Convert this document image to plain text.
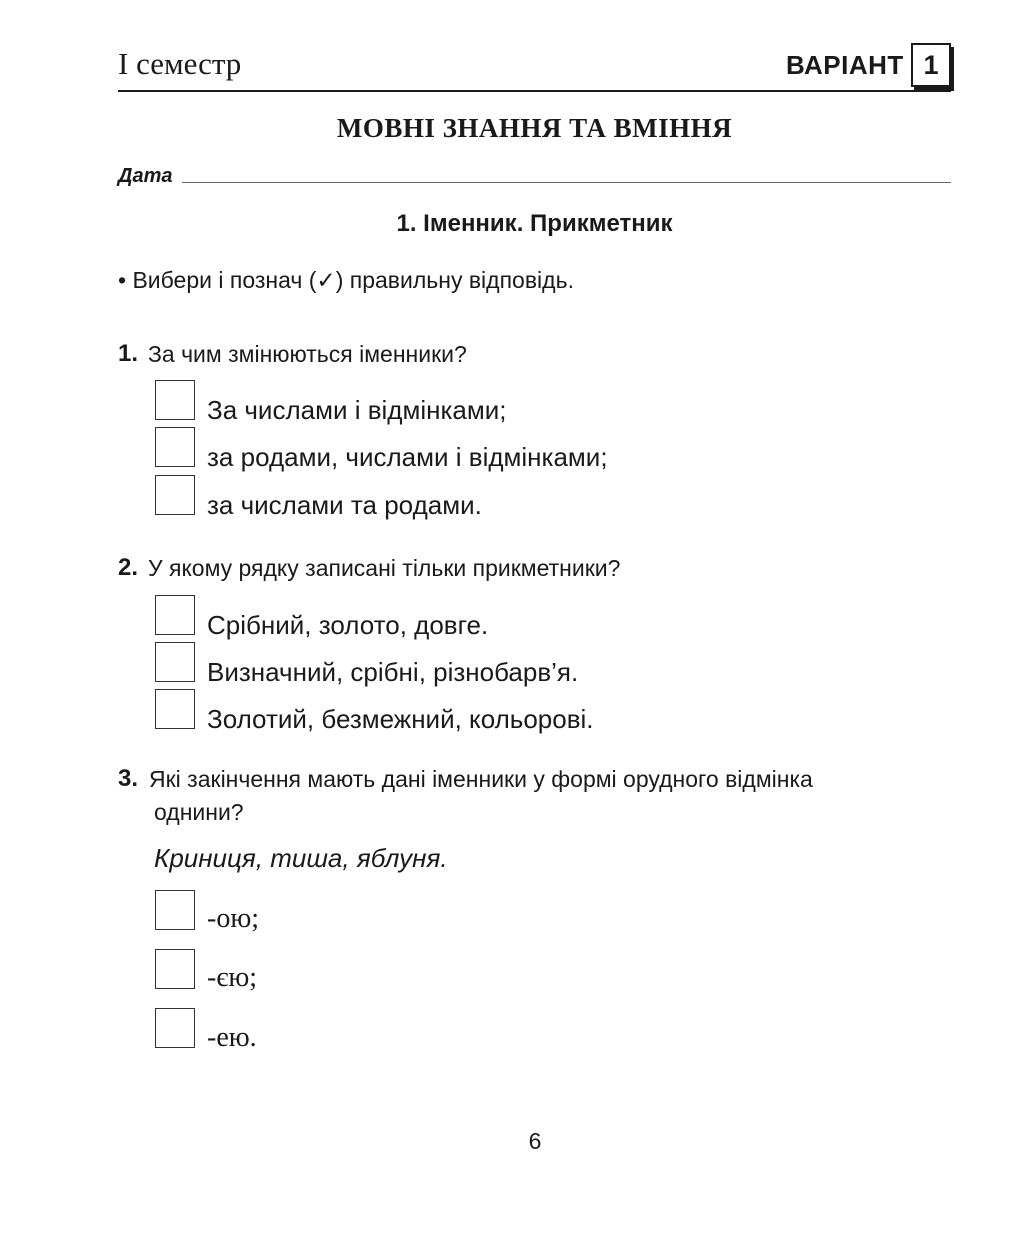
І семестр	ВАРІАНТ 1
МОВНІ ЗНАННЯ ТА ВМІННЯ
Дата
1. Іменник. Прикметник
• Вибери і познач (✓) правильну відповідь.
1. За чим змінюються іменники?
За числами і відмінками;
за родами, числами і відмінками;
за числами та родами.
2. У якому рядку записані тільки прикметники?
Срібний, золото, довге.
Визначний, срібні, різнобарв’я.
Золотий, безмежний, кольорові.
3. Які закінчення мають дані іменники у формі орудного відмінка
однини?
Криниця, тиша, яблуня.
-ою;
-єю;
-ею.
6
